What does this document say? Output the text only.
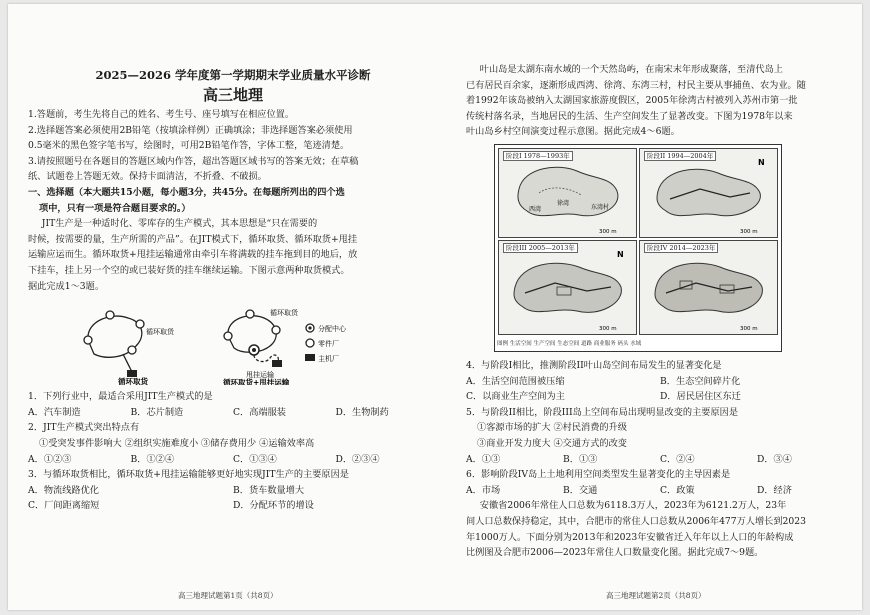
2025—2026 学年度第一学期期末学业质量水平诊断
高三地理

1.答题前，考生先将自己的姓名、考生号、座号填写在相应位置。

2.选择题答案必须使用2B铅笔（按填涂样例）正确填涂；非选择题答案必须使用

0.5毫米的黑色签字笔书写，绘图时，可用2B铅笔作答，字体工整，笔迹清楚。

3.请按照题号在各题目的答题区域内作答，超出答题区域书写的答案无效；在草稿

纸、试题卷上答题无效。保持卡面清洁，不折叠、不破损。

一、选择题（本大题共15小题，每小题3分，共45分。在每题所列出的四个选

项中，只有一项是符合题目要求的。）

JIT生产是一种适时化、零库存的生产模式，其本思想是“只在需要的

时候，按需要的量，生产所需的产品”。在JIT模式下，循环取货、循环取货+甩挂

运输应运而生。循环取货+甩挂运输通常由牵引车将满载的挂车拖到目的地后，放

下挂车，挂上另一个空的或已装好货的挂车继续运输。下图示意两种取货模式。

据此完成1～3题。

循环取货
循环取货
循环取货
甩挂运输
循环取货+甩挂运输
分配中心
零件厂
主机厂

1．下列行业中，最适合采用JIT生产模式的是

A．汽车制造	B．芯片制造	C．高端服装	D．生物制药

2．JIT生产模式突出特点有

①受突发事件影响大 ②组织实施难度小 ③储存费用少 ④运输效率高

A．①②③	B．①②④	C．①③④	D．②③④

3．与循环取货相比，循环取货+甩挂运输能够更好地实现JIT生产的主要原因是

A．物流线路优化	B．货车数量增大
C．厂间距离缩短	D．分配环节的增设
高三地理试题第1页（共8页）

叶山岛是太湖东南水域的一个天然岛屿，在南宋末年形成聚落，至清代岛上

已有居民百余家，逐渐形成西湾、徐湾、东湾三村，村民主要从事捕鱼、农为业。随

着1992年该岛被纳入太湖国家旅游度假区，2005年徐湾古村被列入苏州市第一批

传统村落名录，当地居民的生活、生产空间发生了显著改变。下图为1978年以来

叶山岛乡村空间演变过程示意图。据此完成4～6题。

西湾
徐湾
东湾村
300 m
阶段I 1978—1993年
N
300 m
阶段II 1994—2004年
N
300 m
阶段III 2005—2013年
300 m
阶段IV 2014—2023年
图例 生活空间 生产空间 生态空间 道路 商业服务 码头 水域

4．与阶段I相比，推测阶段II叶山岛空间布局发生的显著变化是

A．生活空间范围被压缩	B．生态空间碎片化
C．以商业生产空间为主	D．居民居住区东迁

5．与阶段II相比，阶段III岛上空间布局出现明显改变的主要原因是

①客源市场的扩大 ②村民消费的升级

③商业开发力度大 ④交通方式的改变

A．①③	B．①③	C．②④	D．③④

6．影响阶段IV岛上土地利用空间类型发生显著变化的主导因素是

A．市场	B．交通	C．政策	D．经济

安徽省2006年常住人口总数为6118.3万人，2023年为6121.2万人，23年

间人口总数保持稳定，其中，合肥市的常住人口总数从2006年477万人增长到2023

年1000万人。下面分别为2013年和2023年安徽省迁入年年以上人口的年龄构成

比例图及合肥市2006—2023年常住人口数量变化图。据此完成7～9题。

高三地理试题第2页（共8页）
